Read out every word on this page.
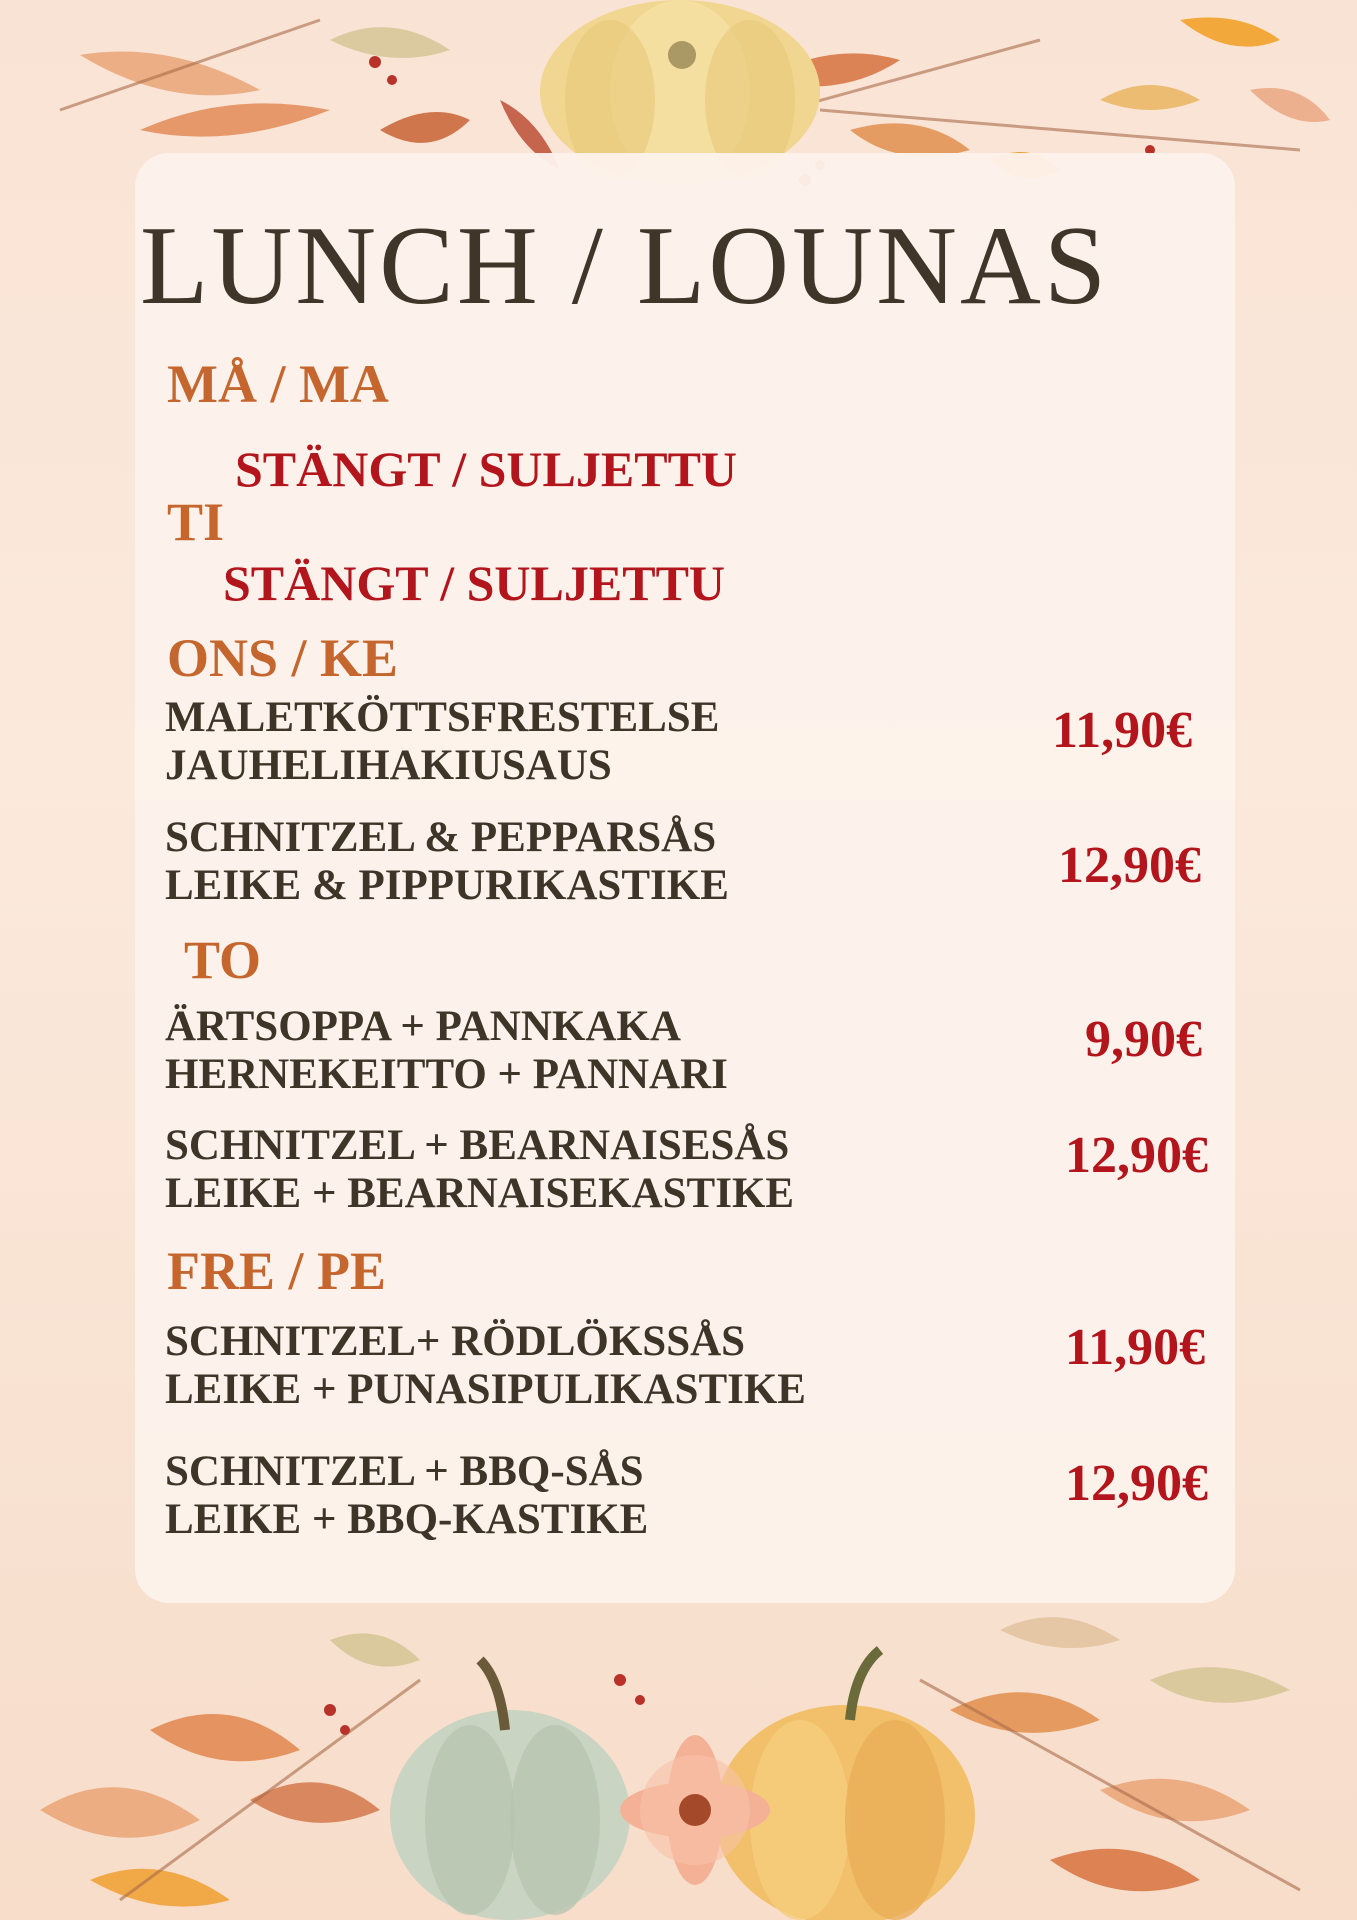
LUNCH / LOUNAS
MÅ / MA
STÄNGT / SULJETTU
TI
STÄNGT / SULJETTU
ONS / KE
MALETKÖTTSFRESTELSE
JAUHELIHAKIUSAUS
11,90€
SCHNITZEL & PEPPARSÅS
LEIKE & PIPPURIKASTIKE	12,90€
TO
ÄRTSOPPA + PANNKAKA
HERNEKEITTO + PANNARI
9,90€
SCHNITZEL + BEARNAISESÅS
LEIKE + BEARNAISEKASTIKE
12,90€
FRE / PE
SCHNITZEL+ RÖDLÖKSSÅS
LEIKE + PUNASIPULIKASTIKE
11,90€
SCHNITZEL + BBQ-SÅS
LEIKE + BBQ-KASTIKE
12,90€
